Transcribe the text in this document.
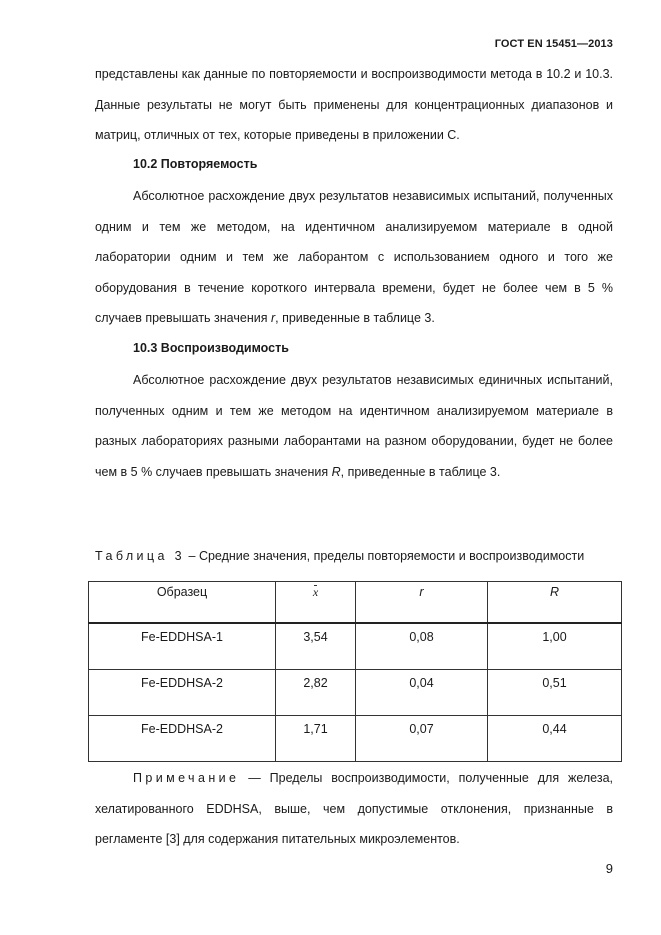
ГОСТ EN 15451—2013

представлены как данные по повторяемости и воспроизводимости метода в 10.2 и 10.3. Данные результаты не могут быть применены для концентрационных диапазонов и матриц, отличных от тех, которые приведены в приложении С.

10.2 Повторяемость

Абсолютное расхождение двух результатов независимых испытаний, полученных одним и тем же методом, на идентичном анализируемом материале в одной лаборатории одним и тем же лаборантом с использованием одного и того же оборудования в течение короткого интервала времени, будет не более чем в 5 % случаев превышать значения r, приведенные в таблице 3.

10.3 Воспроизводимость

Абсолютное расхождение двух результатов независимых единичных испытаний, полученных одним и тем же методом на идентичном анализируемом материале в разных лабораториях разными лаборантами на разном оборудовании, будет не более чем в 5 % случаев превышать значения R, приведенные в таблице 3.

Таблица 3 – Средние значения, пределы повторяемости и воспроизводимости
Образец	x	r	R
Fe-EDDHSA-1	3,54	0,08	1,00
Fe-EDDHSA-2	2,82	0,04	0,51
Fe-EDDHSA-2	1,71	0,07	0,44

Примечание — Пределы воспроизводимости, полученные для железа, хелатированного EDDHSA, выше, чем допустимые отклонения, признанные в регламенте [3] для содержания питательных микроэлементов.

9
